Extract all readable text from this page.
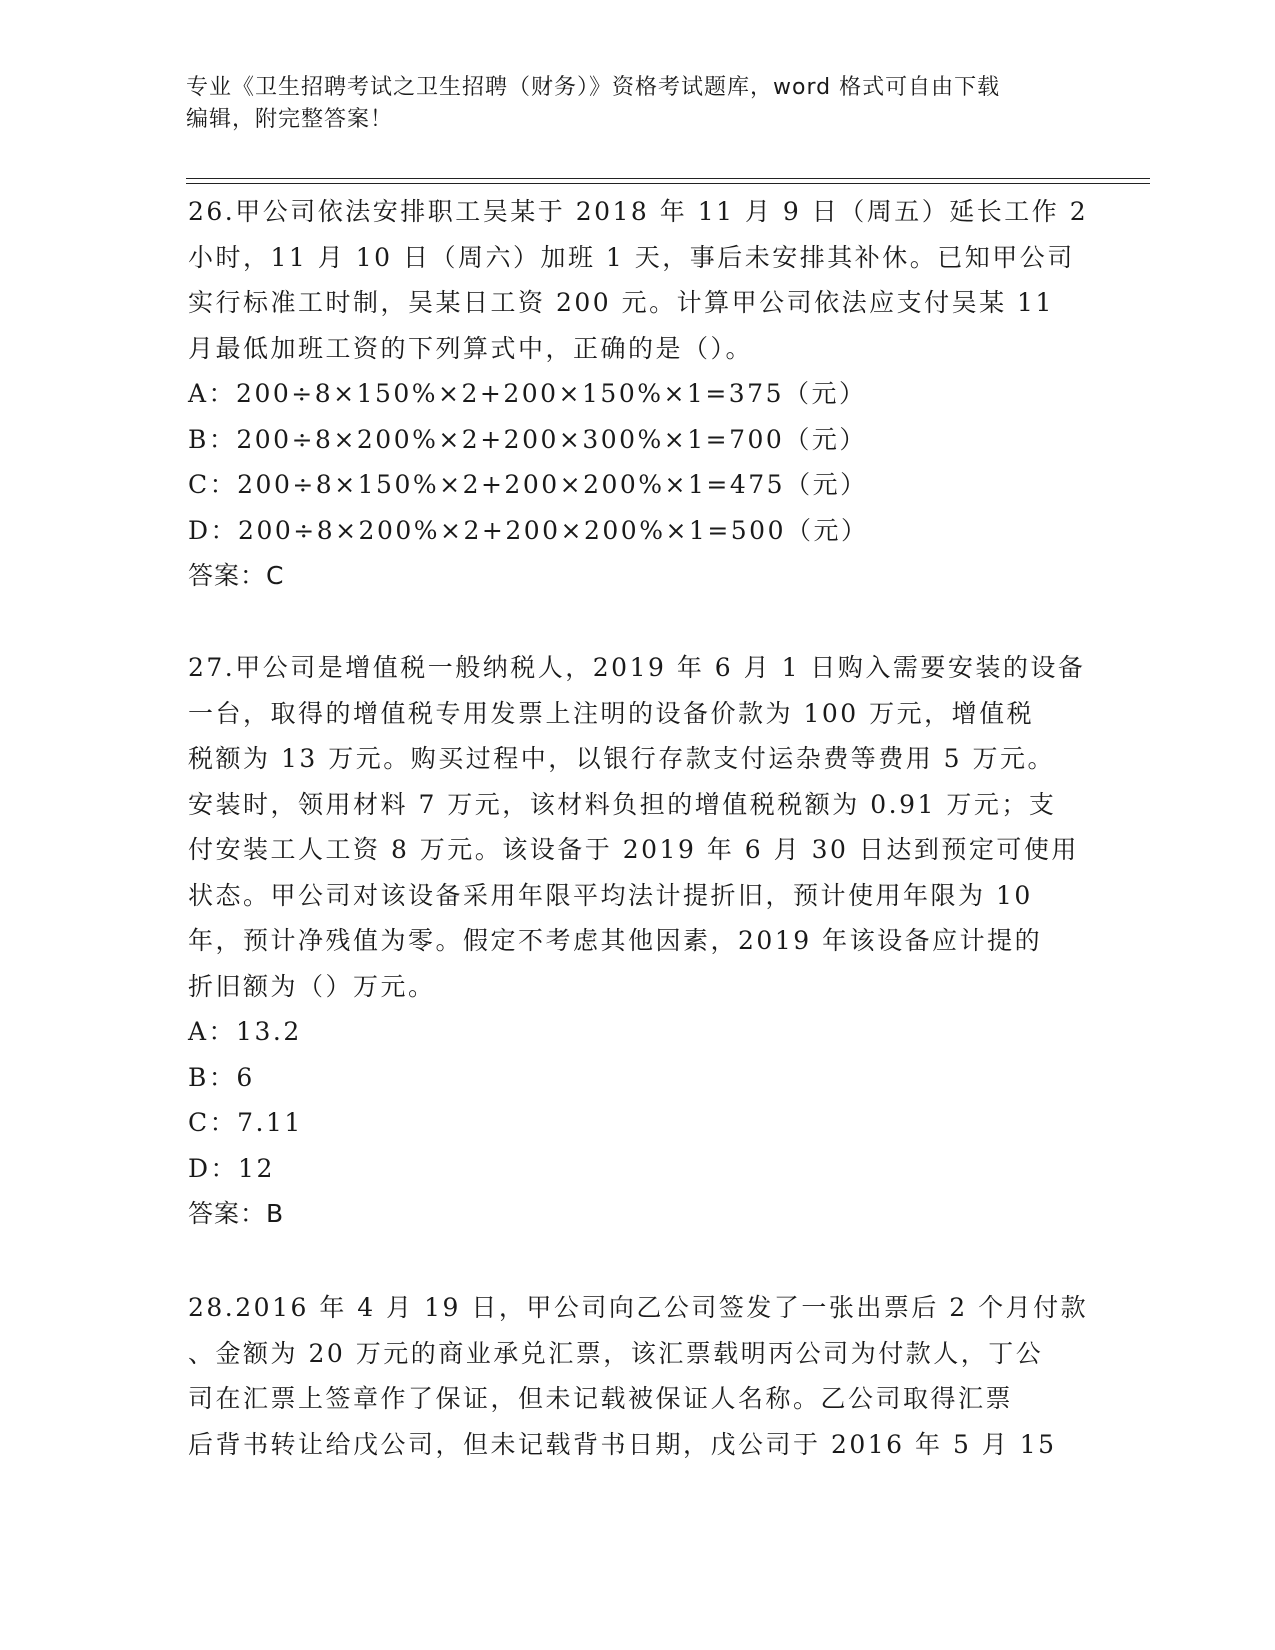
专业《卫生招聘考试之卫生招聘（财务）》资格考试题库，word 格式可自由下载
编辑，附完整答案！
26.甲公司依法安排职工吴某于 2018 年 11 月 9 日（周五）延长工作 2
小时，11 月 10 日（周六）加班 1 天，事后未安排其补休。已知甲公司
实行标准工时制，吴某日工资 200 元。计算甲公司依法应支付吴某 11
月最低加班工资的下列算式中，正确的是（）。
A：200÷8×150%×2+200×150%×1=375（元）
B：200÷8×200%×2+200×300%×1=700（元）
C：200÷8×150%×2+200×200%×1=475（元）
D：200÷8×200%×2+200×200%×1=500（元）
答案：C
27.甲公司是增值税一般纳税人，2019 年 6 月 1 日购入需要安装的设备
一台，取得的增值税专用发票上注明的设备价款为 100 万元，增值税
税额为 13 万元。购买过程中，以银行存款支付运杂费等费用 5 万元。
安装时，领用材料 7 万元，该材料负担的增值税税额为 0.91 万元；支
付安装工人工资 8 万元。该设备于 2019 年 6 月 30 日达到预定可使用
状态。甲公司对该设备采用年限平均法计提折旧，预计使用年限为 10
年，预计净残值为零。假定不考虑其他因素，2019 年该设备应计提的
折旧额为（）万元。
A：13.2
B：6
C：7.11
D：12
答案：B
28.2016 年 4 月 19 日，甲公司向乙公司签发了一张出票后 2 个月付款
、金额为 20 万元的商业承兑汇票，该汇票载明丙公司为付款人，丁公
司在汇票上签章作了保证，但未记载被保证人名称。乙公司取得汇票
后背书转让给戊公司，但未记载背书日期，戊公司于 2016 年 5 月 15
